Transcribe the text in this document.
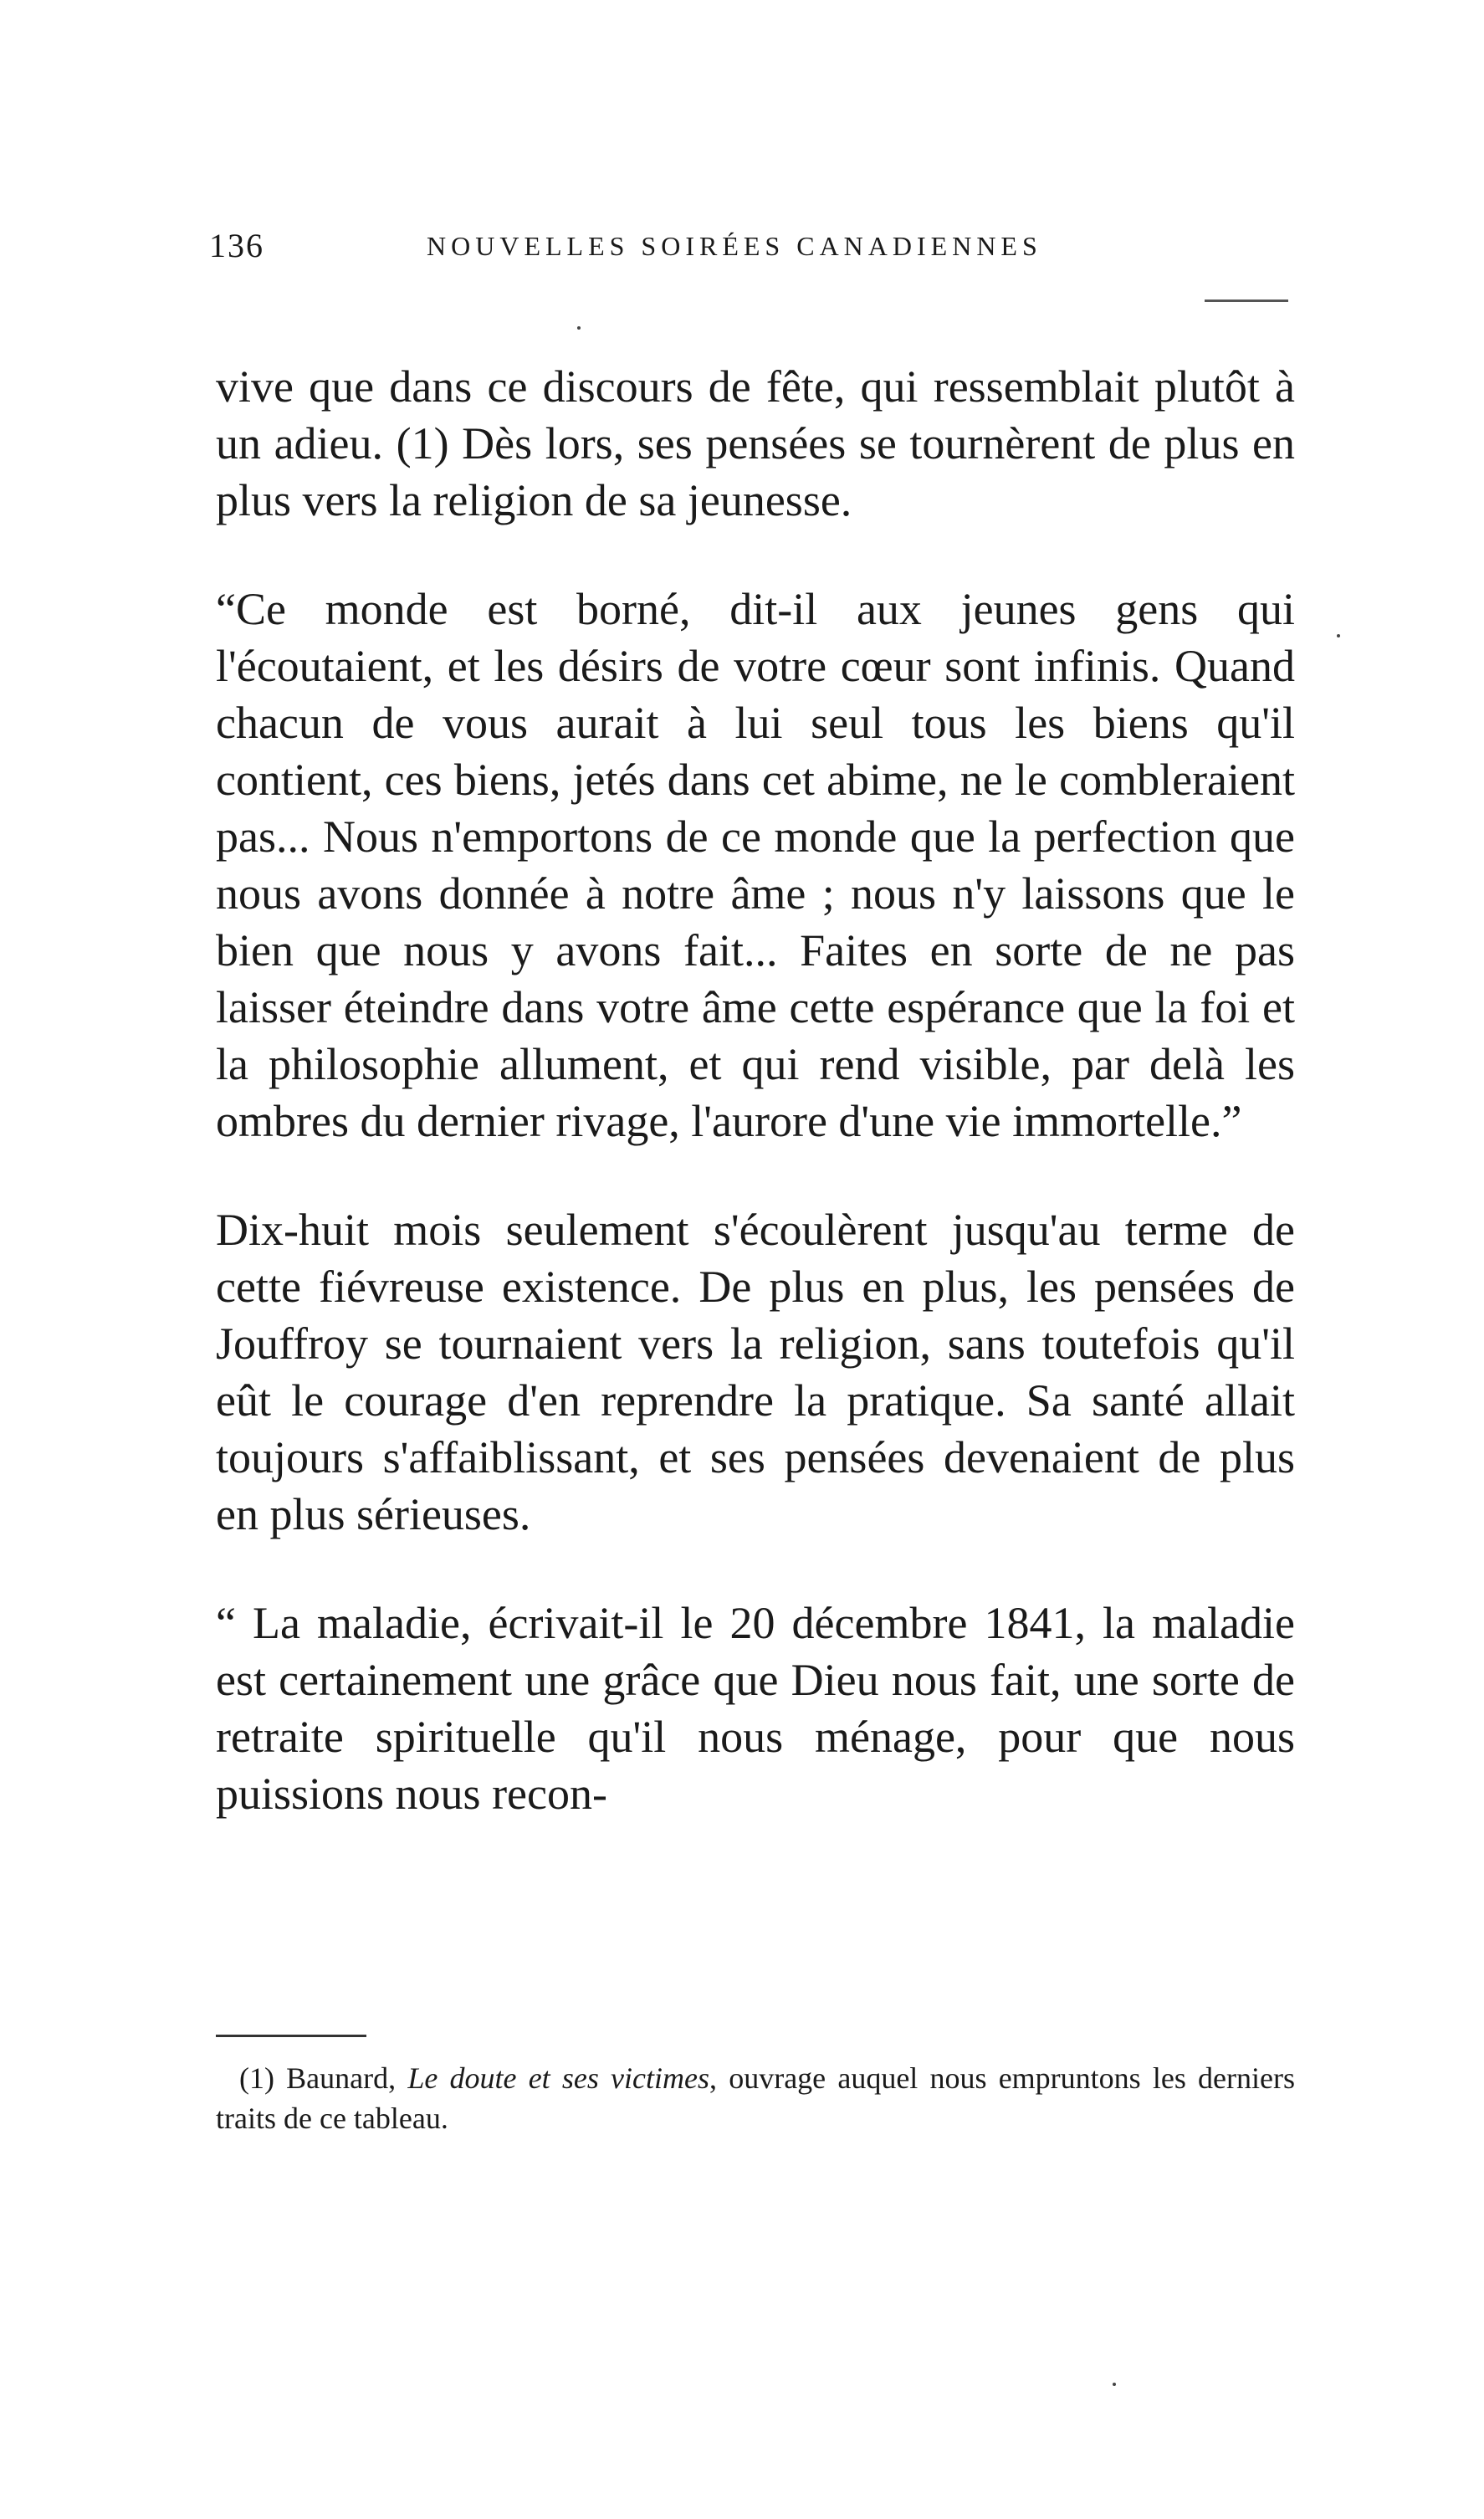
136	NOUVELLES SOIRÉES CANADIENNES

vive que dans ce discours de fête, qui ressemblait plutôt à un adieu. (1) Dès lors, ses pensées se tournèrent de plus en plus vers la religion de sa jeunesse.

“Ce monde est borné, dit-il aux jeunes gens qui l'écoutaient, et les désirs de votre cœur sont infinis. Quand chacun de vous aurait à lui seul tous les biens qu'il contient, ces biens, jetés dans cet abime, ne le combleraient pas... Nous n'emportons de ce monde que la perfection que nous avons donnée à notre âme ; nous n'y laissons que le bien que nous y avons fait... Faites en sorte de ne pas laisser éteindre dans votre âme cette espérance que la foi et la philosophie allument, et qui rend visible, par delà les ombres du dernier rivage, l'aurore d'une vie immortelle.”

Dix-huit mois seulement s'écoulèrent jusqu'au terme de cette fiévreuse existence. De plus en plus, les pensées de Jouffroy se tournaient vers la religion, sans toutefois qu'il eût le courage d'en reprendre la pratique. Sa santé allait toujours s'affaiblissant, et ses pensées devenaient de plus en plus sérieuses.

“ La maladie, écrivait-il le 20 décembre 1841, la maladie est certainement une grâce que Dieu nous fait, une sorte de retraite spirituelle qu'il nous ménage, pour que nous puissions nous recon-

(1) Baunard, Le doute et ses victimes, ouvrage auquel nous empruntons les derniers traits de ce tableau.
